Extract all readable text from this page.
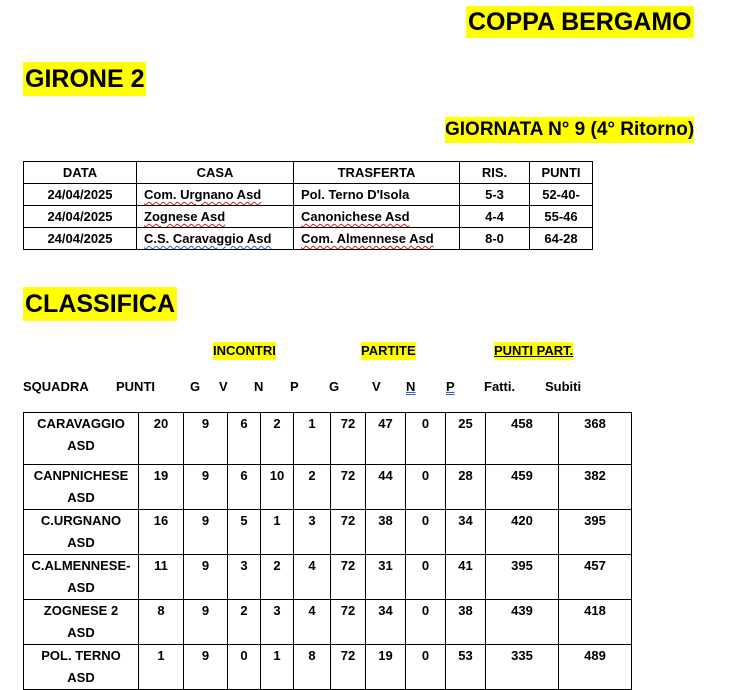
COPPA BERGAMO
GIRONE 2
GIORNATA N° 9 (4° Ritorno)
DATA	CASA	TRASFERTA	RIS.	PUNTI
24/04/2025	Com. Urgnano Asd	Pol. Terno D'Isola	5-3	52-40-
24/04/2025	Zognese Asd	Canonichese Asd	4-4	55-46
24/04/2025	C.S. Caravaggio Asd	Com. Almennese Asd	8-0	64-28
CLASSIFICA
INCONTRI	PARTITE	PUNTI PART.
SQUADRA PUNTI	G V N P G	V N	P Fatti. Subiti
CARAVAGGIO
ASD	20	9	6	2	1	72	47	0	25	458	368

CANPNICHESE
ASD	19	9	6	10	2	72	44	0	28	459	382

C.URGNANO
ASD	16	9	5	1	3	72	38	0	34	420	395

C.ALMENNESE-
ASD	11	9	3	2	4	72	31	0	41	395	457

ZOGNESE 2
ASD	8	9	2	3	4	72	34	0	38	439	418

POL. TERNO
ASD	1	9	0	1	8	72	19	0	53	335	489
